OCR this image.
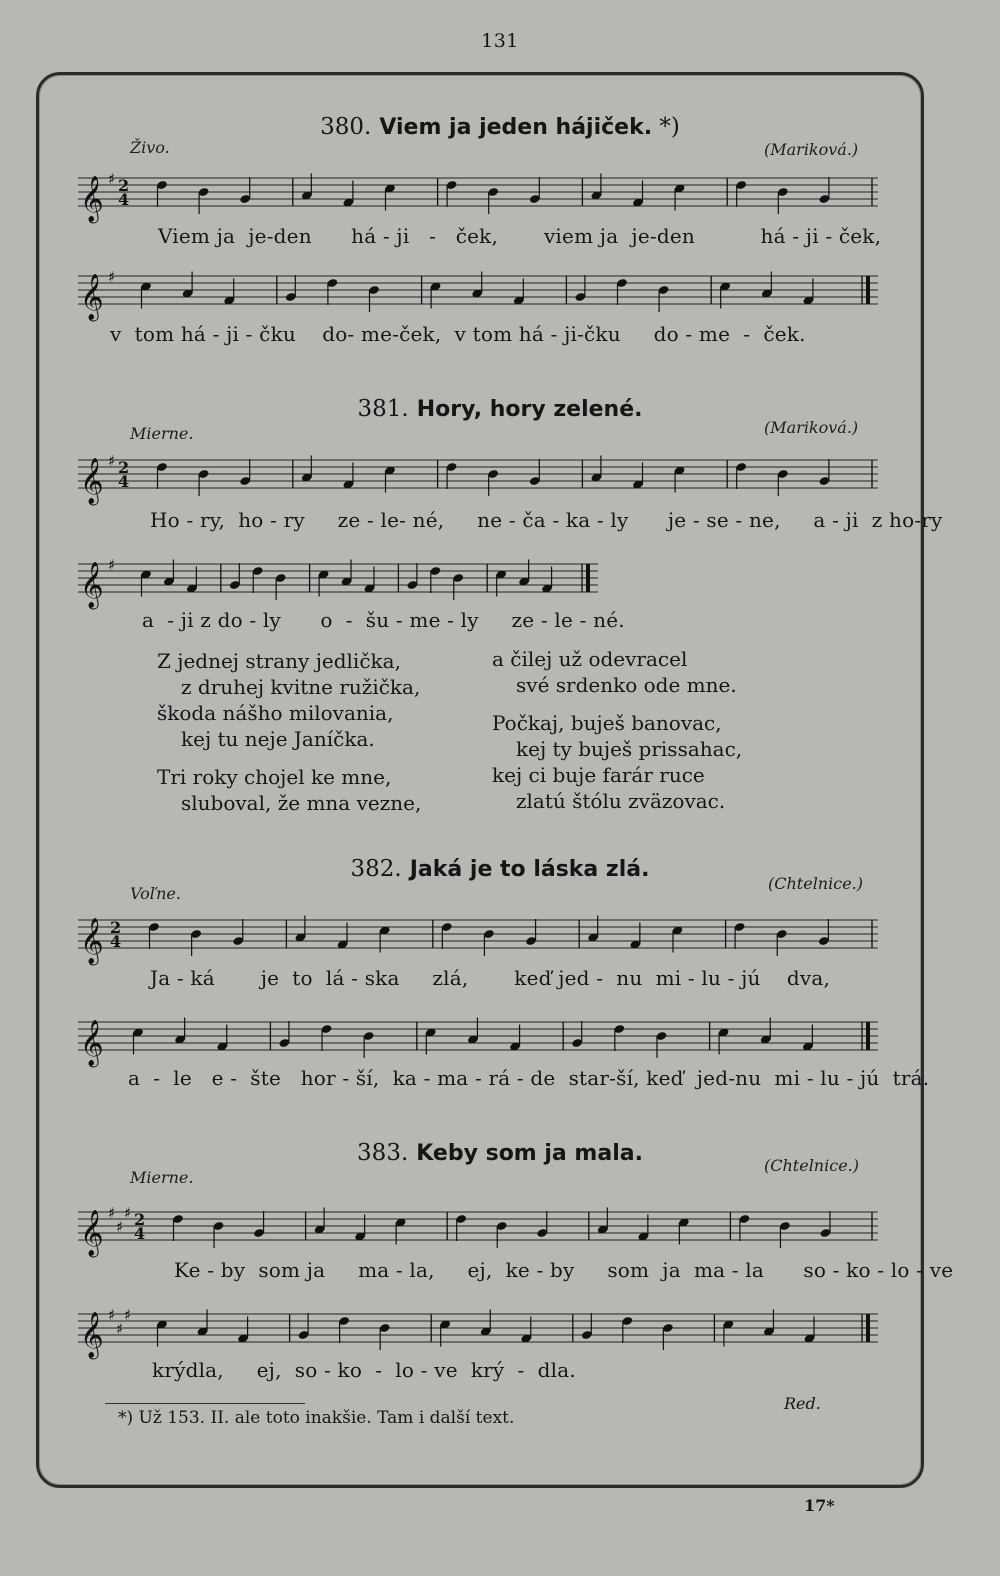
131
380. Viem ja jeden hájiček. *)
Živo.	(Mariková.)
𝄞 ♯ 2
4
Viem ja  je-den      há - ji   -   ček,       viem ja  je-den          há - ji - ček,
𝄞 ♯
v  tom há - ji - čku    do- me-ček,  v tom há - ji-čku     do - me  -  ček.
381. Hory, hory zelené.
Mierne.	(Mariková.)
𝄞 ♯ 2
4
Ho - ry,  ho - ry     ze - le- né,     ne - ča - ka - ly      je - se - ne,     a - ji  z ho-ry
𝄞 ♯
a  - ji z do - ly      o  -  šu - me - ly     ze - le - né.
Z jednej strany jedlička,
z druhej kvitne ružička,
škoda nášho milovania,
kej tu neje Janíčka.
Tri roky chojel ke mne,
sluboval, že mna vezne,
a čilej už odevracel
své srdenko ode mne.
Počkaj, buješ banovac,
kej ty buješ prissahac,
kej ci buje farár ruce
zlatú štólu zväzovac.
382. Jaká je to láska zlá.
Voľne.
(Chtelnice.)
𝄞 2
4
Ja - ká       je  to  lá - ska     zlá,       keď jed -  nu  mi - lu - jú    dva,
𝄞
a  -  le   e -  šte   hor - ší,  ka - ma - rá - de  star-ší, keď  jed-nu  mi - lu - jú  trá.
383. Keby som ja mala.
Mierne.
(Chtelnice.)
𝄞 ♯
♯
♯ 2
4
Ke - by  som ja     ma - la,     ej,  ke - by     som  ja  ma - la      so - ko - lo - ve
𝄞 ♯
♯
♯
krýdla,     ej,  so - ko  -  lo - ve  krý  -  dla.
*) Už 153. II. ale toto inakšie. Tam i další text.
Red.
17*
